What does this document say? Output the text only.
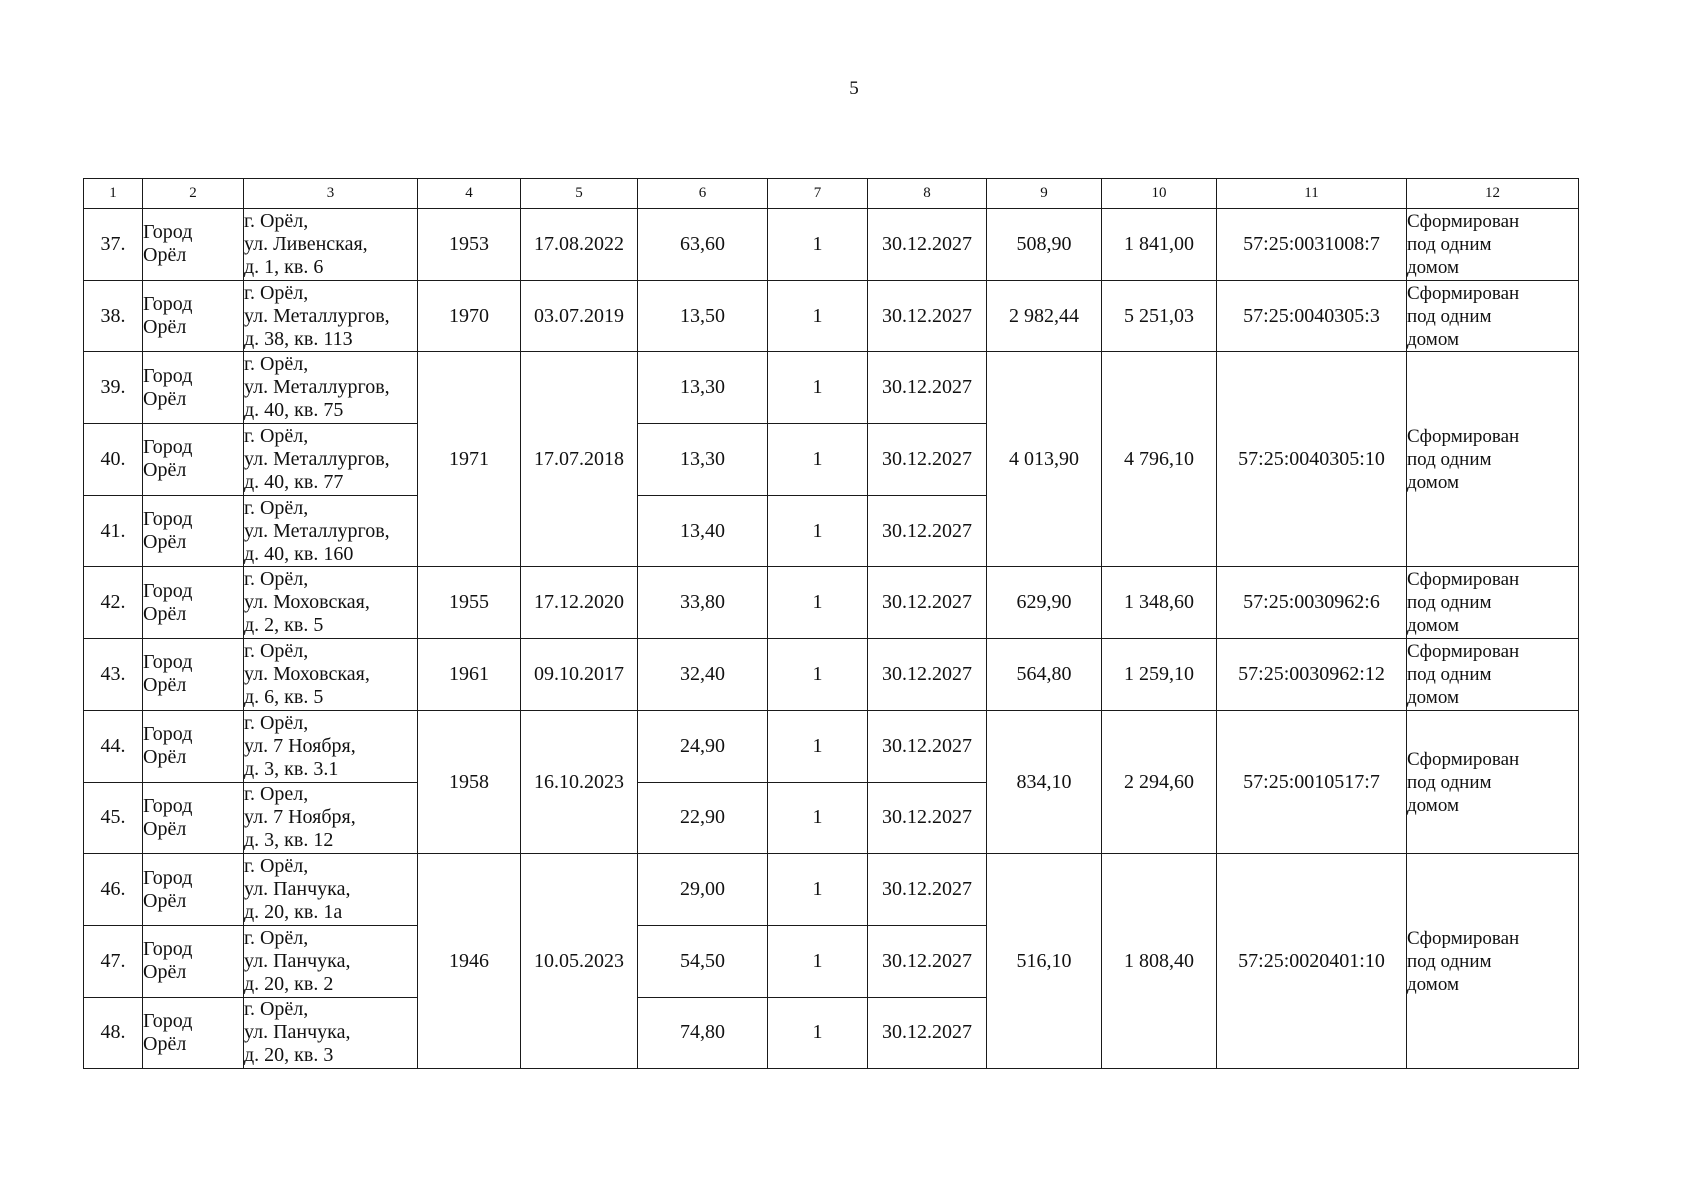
5
1	2	3	4	5	6	7	8	9	10	11	12
37.	Город
Орёл	г. Орёл,
ул. Ливенская,
д. 1, кв. 6	1953	17.08.2022	63,60	1	30.12.2027	508,90	1 841,00	57:25:0031008:7	Сформирован
под одним
домом

38.	Город
Орёл	г. Орёл,
ул. Металлургов,
д. 38, кв. 113	1970	03.07.2019	13,50	1	30.12.2027	2 982,44	5 251,03	57:25:0040305:3	Сформирован
под одним
домом

39.	Город
Орёл	г. Орёл,
ул. Металлургов,
д. 40, кв. 75	1971	17.07.2018	13,30	1	30.12.2027	4 013,90	4 796,10	57:25:0040305:10	Сформирован
под одним
домом

40.	Город
Орёл	г. Орёл,
ул. Металлургов,
д. 40, кв. 77			13,30	1	30.12.2027				
41.	Город
Орёл	г. Орёл,
ул. Металлургов,
д. 40, кв. 160			13,40	1	30.12.2027				
42.	Город
Орёл	г. Орёл,
ул. Моховская,
д. 2, кв. 5	1955	17.12.2020	33,80	1	30.12.2027	629,90	1 348,60	57:25:0030962:6	Сформирован
под одним
домом

43.	Город
Орёл	г. Орёл,
ул. Моховская,
д. 6, кв. 5	1961	09.10.2017	32,40	1	30.12.2027	564,80	1 259,10	57:25:0030962:12	Сформирован
под одним
домом

44.	Город
Орёл	г. Орёл,
ул. 7 Ноября,
д. 3, кв. 3.1	1958	16.10.2023	24,90	1	30.12.2027	834,10	2 294,60	57:25:0010517:7	Сформирован
под одним
домом

45.	Город
Орёл	г. Орел,
ул. 7 Ноября,
д. 3, кв. 12			22,90	1	30.12.2027				
46.	Город
Орёл	г. Орёл,
ул. Панчука,
д. 20, кв. 1а	1946	10.05.2023	29,00	1	30.12.2027	516,10	1 808,40	57:25:0020401:10	Сформирован
под одним
домом

47.	Город
Орёл	г. Орёл,
ул. Панчука,
д. 20, кв. 2			54,50	1	30.12.2027				
48.	Город
Орёл	г. Орёл,
ул. Панчука,
д. 20, кв. 3			74,80	1	30.12.2027				
